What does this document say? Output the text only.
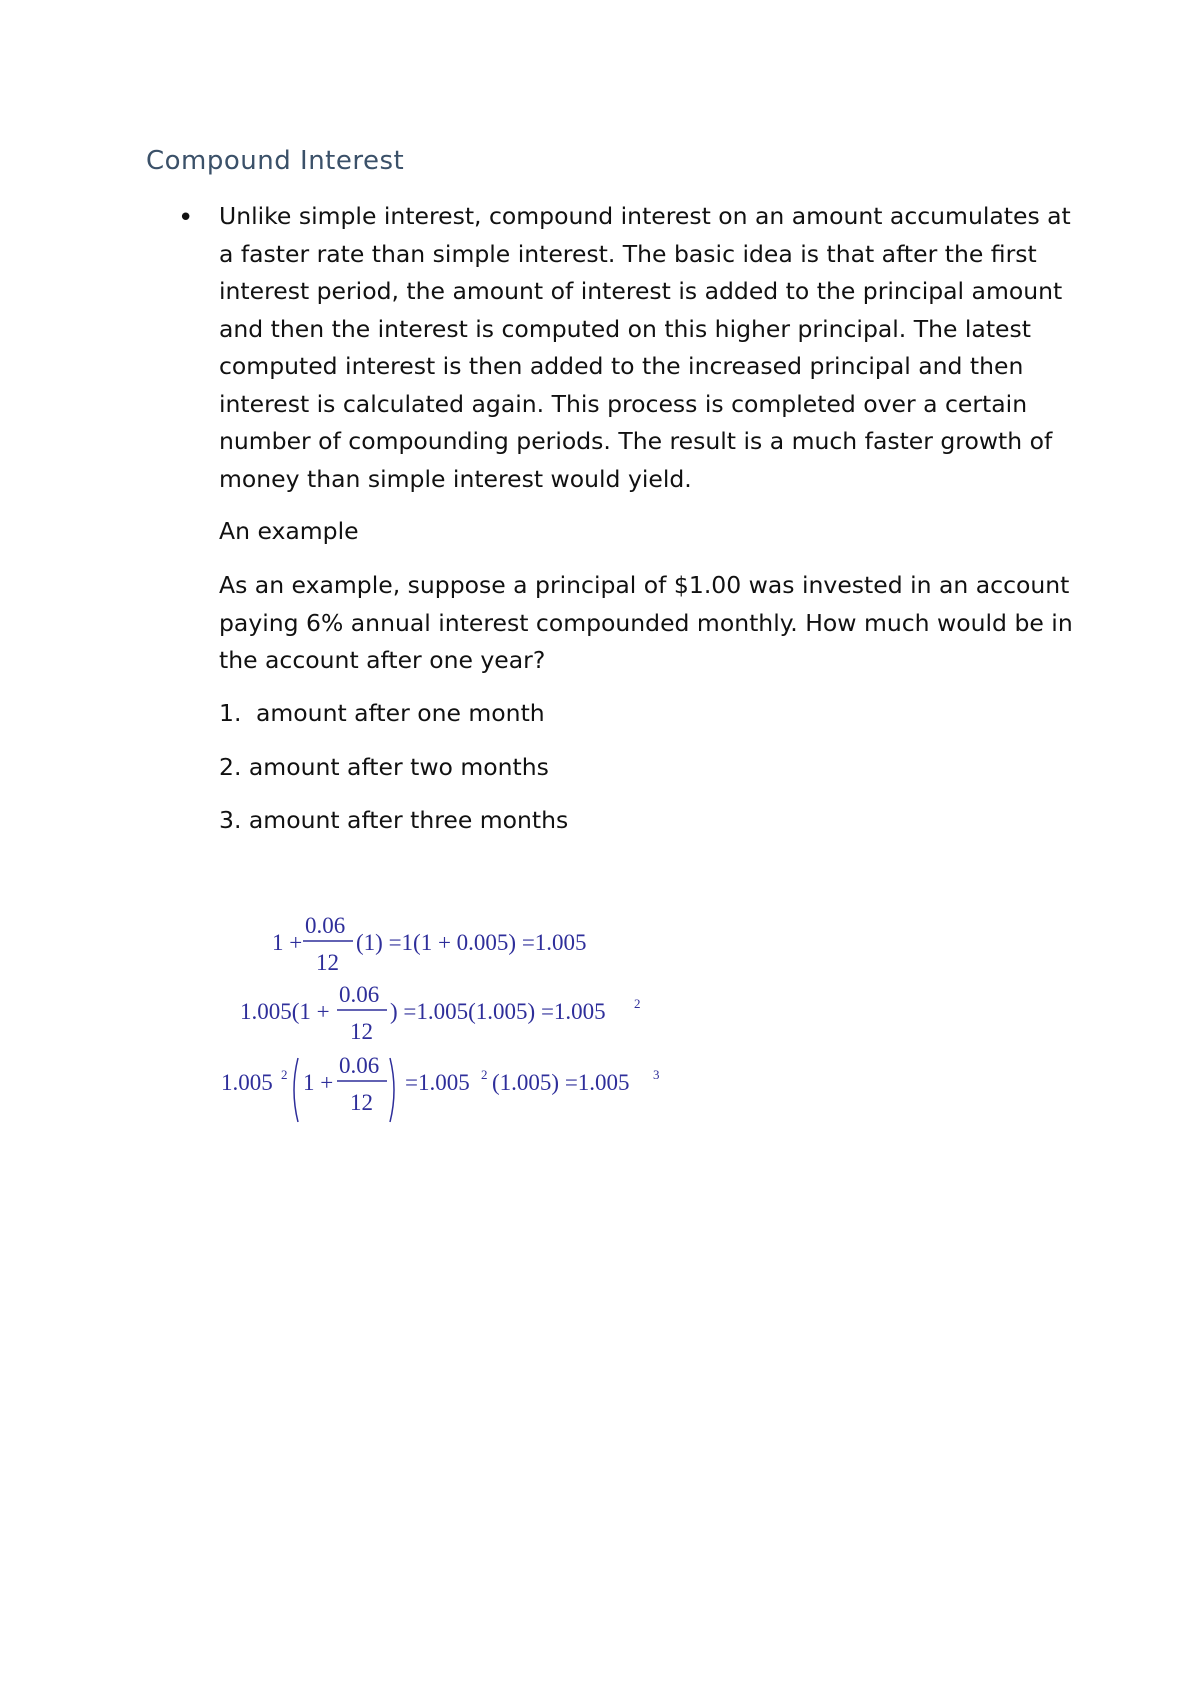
Compound Interest
• Unlike simple interest, compound interest on an amount accumulates at a faster rate than simple interest. The basic idea is that after the first interest period, the amount of interest is added to the principal amount and then the interest is computed on this higher principal. The latest computed interest is then added to the increased principal and then interest is calculated again. This process is completed over a certain number of compounding periods. The result is a much faster growth of money than simple interest would yield.
An example
As an example, suppose a principal of $1.00 was invested in an account paying 6% annual interest compounded monthly. How much would be in the account after one year?
1. amount after one month
2. amount after two months
3. amount after three months
1 +
0.06
12
(1) =1(1 + 0.005) =1.005
1.005(1 +
0.06
12
) =1.005(1.005) =1.005 2
1.005 2 1 +
0.06
12
=1.005 2 (1.005) =1.005 3
